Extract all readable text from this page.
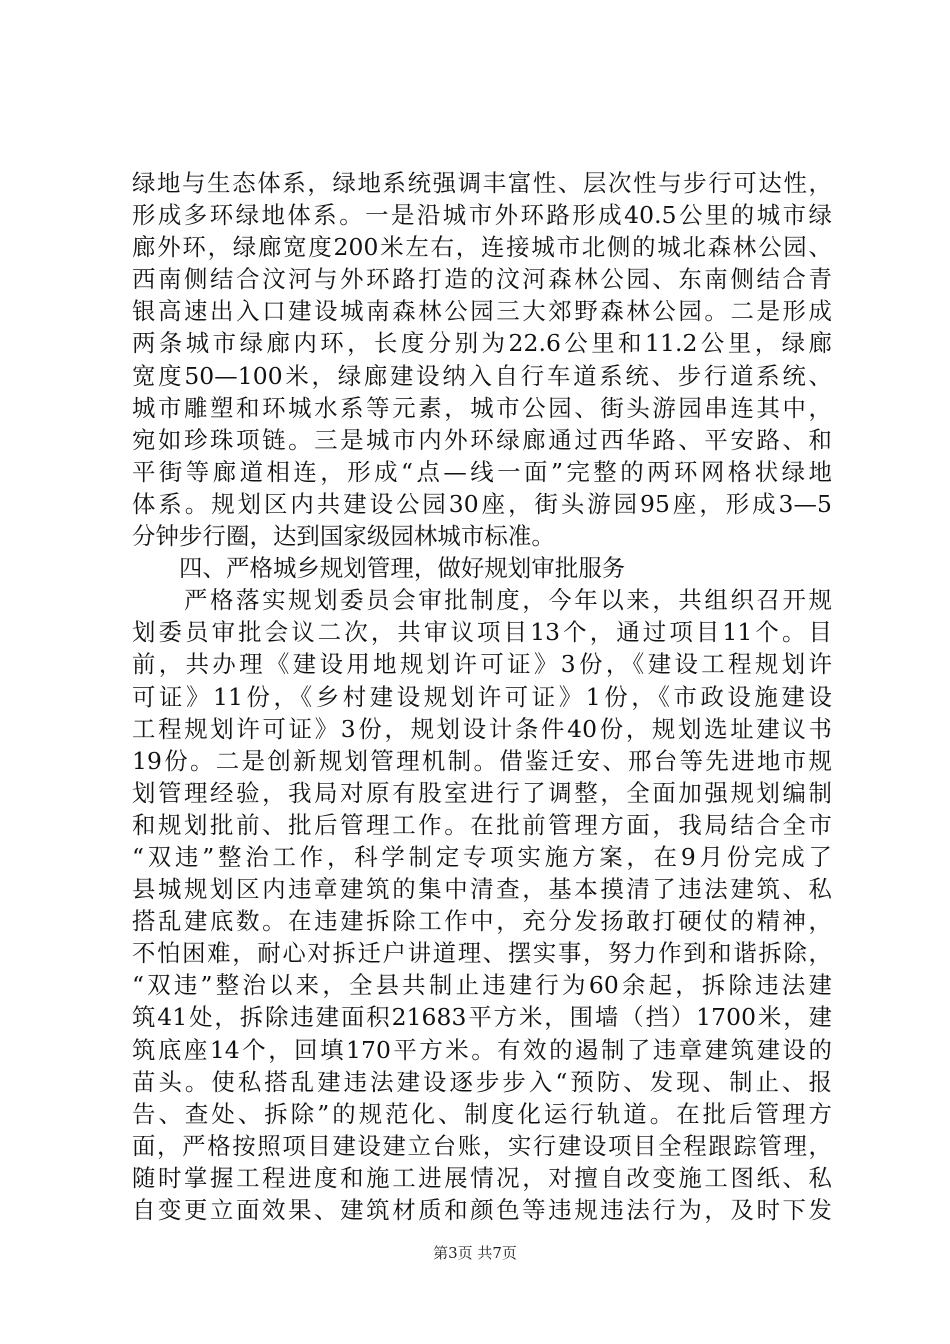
绿地与生态体系，绿地系统强调丰富性、层次性与步行可达性，
形成多环绿地体系。一是沿城市外环路形成40.5公里的城市绿
廊外环，绿廊宽度200米左右，连接城市北侧的城北森林公园、
西南侧结合汶河与外环路打造的汶河森林公园、东南侧结合青
银高速出入口建设城南森林公园三大郊野森林公园。二是形成
两条城市绿廊内环，长度分别为22.6公里和11.2公里，绿廊
宽度50—100米，绿廊建设纳入自行车道系统、步行道系统、
城市雕塑和环城水系等元素，城市公园、街头游园串连其中，
宛如珍珠项链。三是城市内外环绿廊通过西华路、平安路、和
平街等廊道相连，形成“点—线一面”完整的两环网格状绿地
体系。规划区内共建设公园30座，街头游园95座，形成3—5
分钟步行圈，达到国家级园林城市标准。
　　四、严格城乡规划管理，做好规划审批服务
　　严格落实规划委员会审批制度，今年以来，共组织召开规
划委员审批会议二次，共审议项目13个，通过项目11个。目
前，共办理《建设用地规划许可证》3份，《建设工程规划许
可证》11份，《乡村建设规划许可证》1份，《市政设施建设
工程规划许可证》3份，规划设计条件40份，规划选址建议书
19份。二是创新规划管理机制。借鉴迁安、邢台等先进地市规
划管理经验，我局对原有股室进行了调整，全面加强规划编制
和规划批前、批后管理工作。在批前管理方面，我局结合全市
“双违”整治工作，科学制定专项实施方案，在9月份完成了
县城规划区内违章建筑的集中清查，基本摸清了违法建筑、私
搭乱建底数。在违建拆除工作中，充分发扬敢打硬仗的精神，
不怕困难，耐心对拆迁户讲道理、摆实事，努力作到和谐拆除，
“双违”整治以来，全县共制止违建行为60余起，拆除违法建
筑41处，拆除违建面积21683平方米，围墙（挡）1700米，建
筑底座14个，回填170平方米。有效的遏制了违章建筑建设的
苗头。使私搭乱建违法建设逐步步入“预防、发现、制止、报
告、查处、拆除”的规范化、制度化运行轨道。在批后管理方
面，严格按照项目建设建立台账，实行建设项目全程跟踪管理，
随时掌握工程进度和施工进展情况，对擅自改变施工图纸、私
自变更立面效果、建筑材质和颜色等违规违法行为，及时下发
第3页 共7页
